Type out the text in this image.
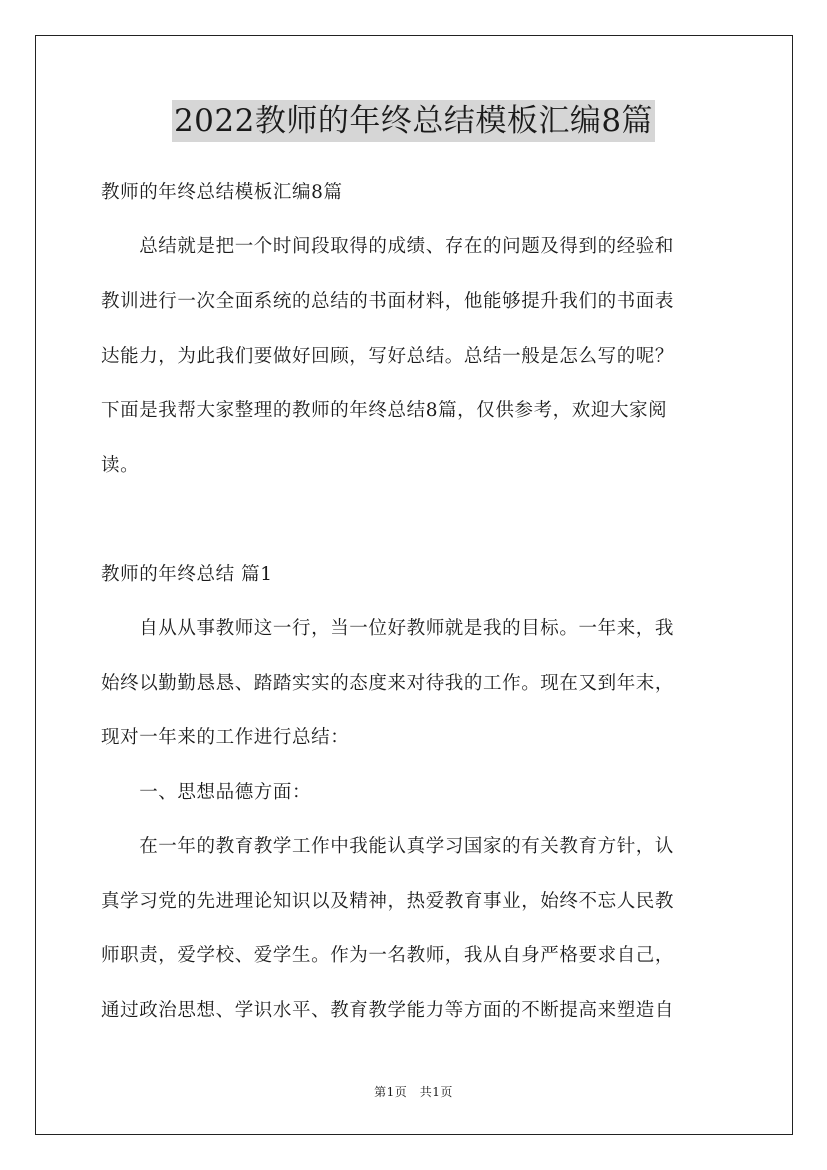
2022教师的年终总结模板汇编8篇
教师的年终总结模板汇编8篇
　　总结就是把一个时间段取得的成绩、存在的问题及得到的经验和
教训进行一次全面系统的总结的书面材料，他能够提升我们的书面表
达能力，为此我们要做好回顾，写好总结。总结一般是怎么写的呢？
下面是我帮大家整理的教师的年终总结8篇，仅供参考，欢迎大家阅
读。
教师的年终总结 篇1
　　自从从事教师这一行，当一位好教师就是我的目标。一年来，我
始终以勤勤恳恳、踏踏实实的态度来对待我的工作。现在又到年末，
现对一年来的工作进行总结：
　　一、思想品德方面：
　　在一年的教育教学工作中我能认真学习国家的有关教育方针，认
真学习党的先进理论知识以及精神，热爱教育事业，始终不忘人民教
师职责，爱学校、爱学生。作为一名教师，我从自身严格要求自己，
通过政治思想、学识水平、教育教学能力等方面的不断提高来塑造自
第1页　共1页
